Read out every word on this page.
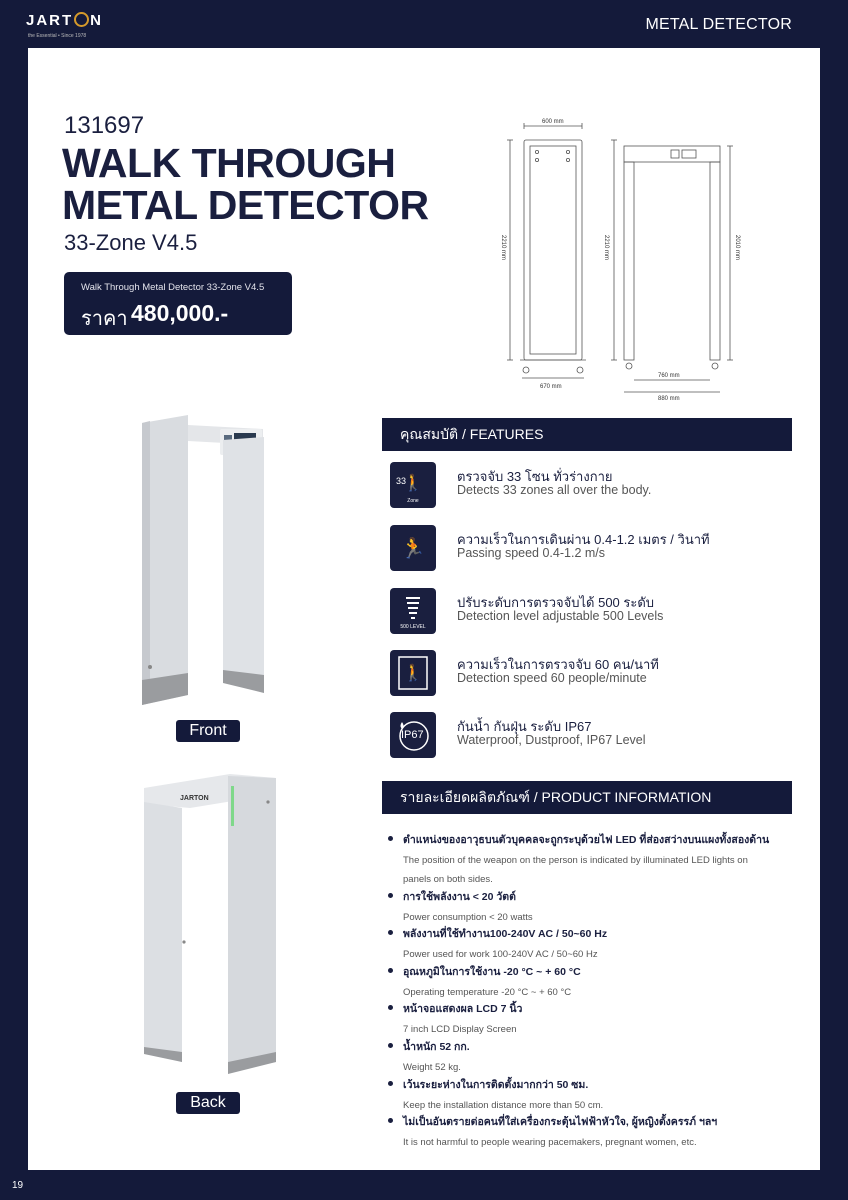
JART N
the Essential • Since 1978
METAL DETECTOR
131697
WALK THROUGH
METAL DETECTOR
33-Zone V4.5
Walk Through Metal Detector 33-Zone V4.5
ราคา 480,000.-
600 mm
2210 mm
670 mm
2210 mm	2010 mm
760 mm
880 mm
Front
JARTON
Back
คุณสมบัติ / FEATURES
🚶
33
Zone
ตรวจจับ 33 โซน ทั่วร่างกาย
Detects 33 zones all over the body.
🏃	ความเร็วในการเดินผ่าน 0.4-1.2 เมตร / วินาที
Passing speed 0.4-1.2 m/s
500 LEVEL
ปรับระดับการตรวจจับได้ 500 ระดับ
Detection level adjustable 500 Levels
🚶	ความเร็วในการตรวจจับ 60 คน/นาที
Detection speed 60 people/minute
IP67
กันน้ำ กันฝุ่น ระดับ IP67
Waterproof, Dustproof, IP67 Level
รายละเอียดผลิตภัณฑ์ / PRODUCT INFORMATION
ตำแหน่งของอาวุธบนตัวบุคคลจะถูกระบุด้วยไฟ LED ที่ส่องสว่างบนแผงทั้งสองด้าน
The position of the weapon on the person is indicated by illuminated LED lights on panels on both sides.
การใช้พลังงาน < 20 วัตต์
Power consumption < 20 watts
พลังงานที่ใช้ทำงาน100-240V AC / 50~60 Hz
Power used for work 100-240V AC / 50~60 Hz
อุณหภูมิในการใช้งาน -20 °C ~ + 60 °C
Operating temperature -20 °C ~ + 60 °C
หน้าจอแสดงผล LCD 7 นิ้ว
7 inch LCD Display Screen
น้ำหนัก 52 กก.
Weight 52 kg.
เว้นระยะห่างในการติดตั้งมากกว่า 50 ซม.
Keep the installation distance more than 50 cm.
ไม่เป็นอันตรายต่อคนที่ใส่เครื่องกระตุ้นไฟฟ้าหัวใจ, ผู้หญิงตั้งครรภ์ ฯลฯ
It is not harmful to people wearing pacemakers, pregnant women, etc.
19
